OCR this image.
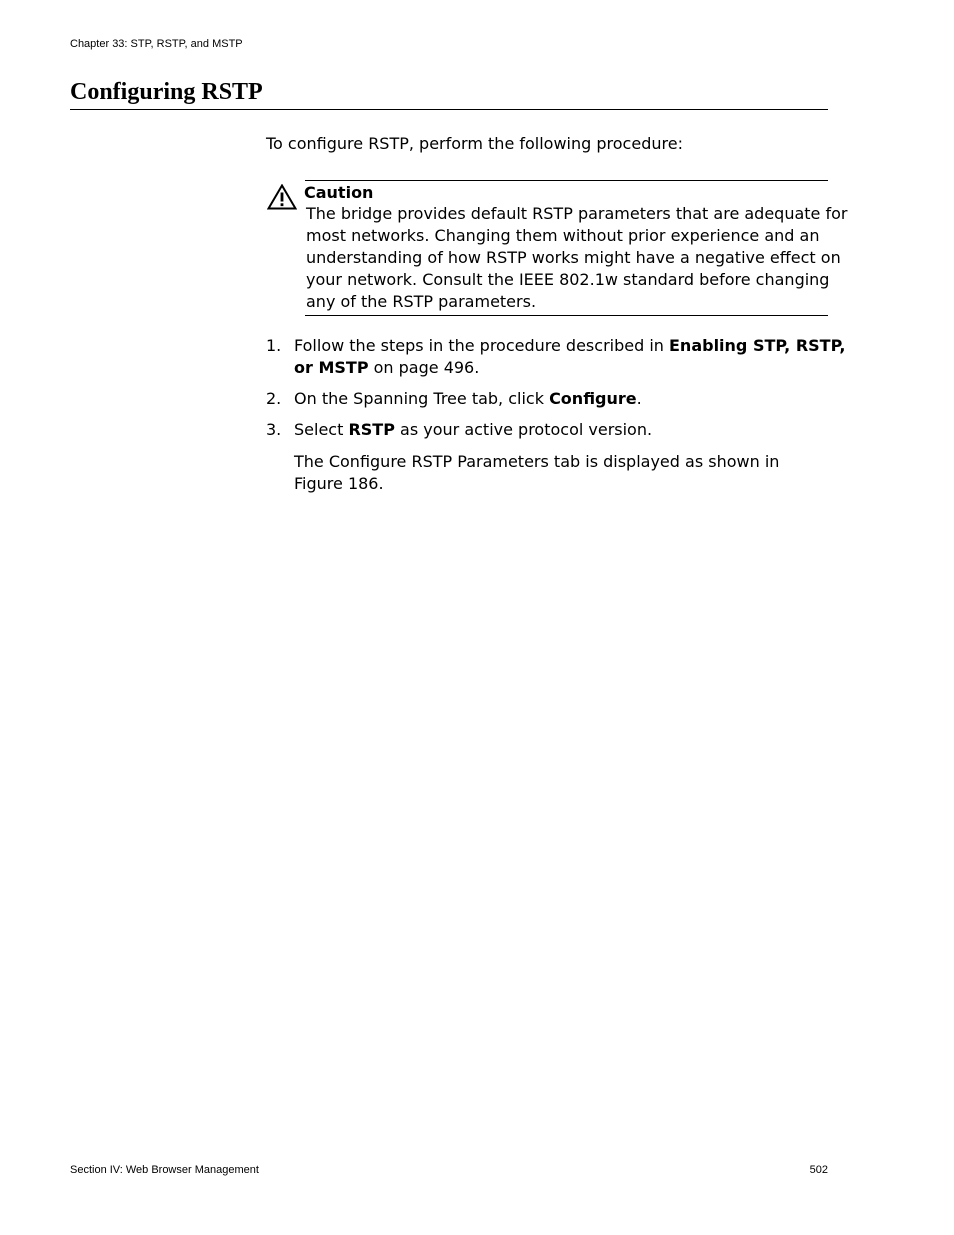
Chapter 33: STP, RSTP, and MSTP
Configuring RSTP
To configure RSTP, perform the following procedure:
Caution
The bridge provides default RSTP parameters that are adequate for
most networks. Changing them without prior experience and an
understanding of how RSTP works might have a negative effect on
your network. Consult the IEEE 802.1w standard before changing
any of the RSTP parameters.
1. Follow the steps in the procedure described in Enabling STP, RSTP,
or MSTP on page 496.
2. On the Spanning Tree tab, click Configure.
3. Select RSTP as your active protocol version.
The Configure RSTP Parameters tab is displayed as shown in
Figure 186.
Section IV: Web Browser Management	502
